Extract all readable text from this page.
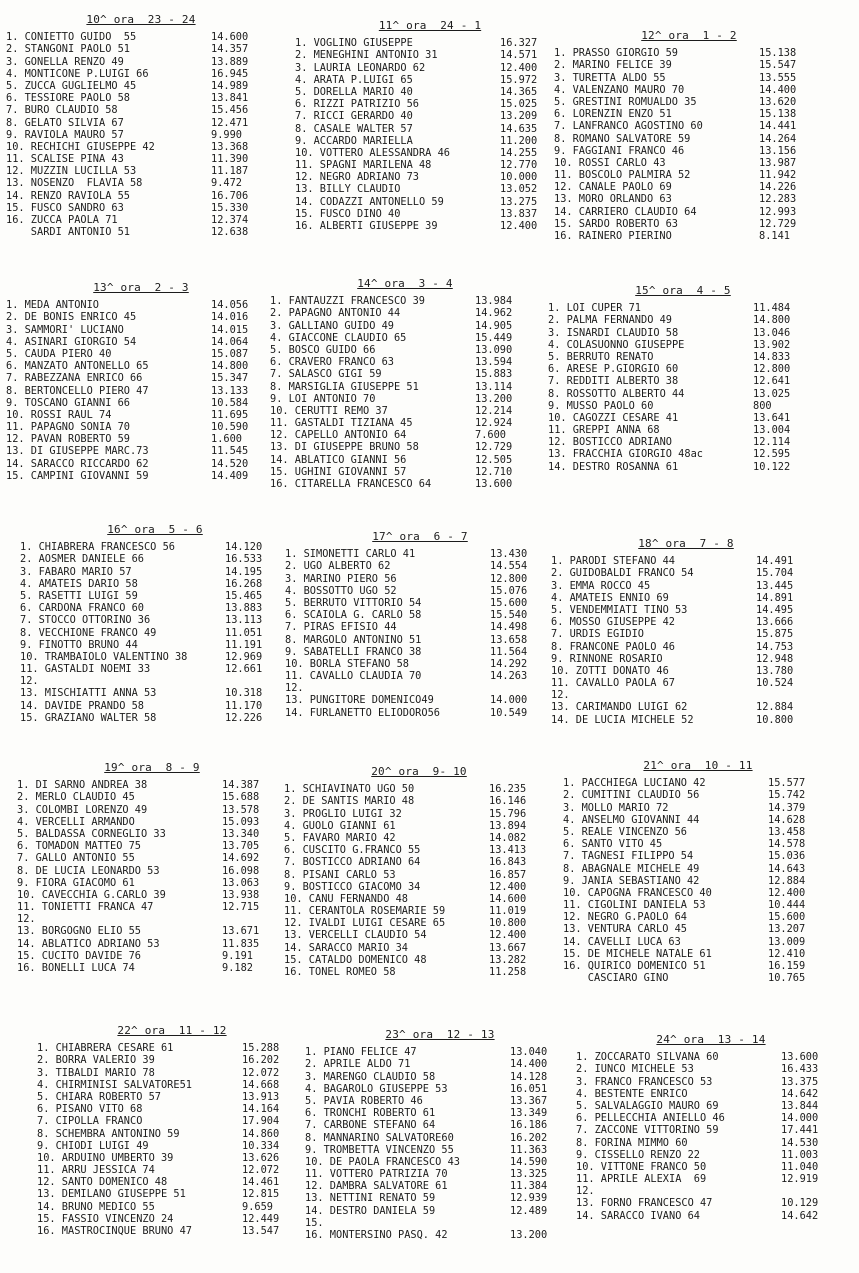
10^ ora  23 - 24
1. CONIETTO GUIDO  55	14.600
2. STANGONI PAOLO 51	14.357
3. GONELLA RENZO 49	13.889
4. MONTICONE P.LUIGI 66	16.945
5. ZUCCA GUGLIELMO 45	14.989
6. TESSIORE PAOLO 58	13.841
7. BURO CLAUDIO 58	15.456
8. GELATO SILVIA 67	12.471
9. RAVIOLA MAURO 57	9.990
10. RECHICHI GIUSEPPE 42	13.368
11. SCALISE PINA 43	11.390
12. MUZZIN LUCILLA 53	11.187
13. NOSENZO  FLAVIA 58	9.472
14. RENZO RAVIOLA 55	16.706
15. FUSCO SANDRO 63	15.330
16. ZUCCA PAOLA 71	12.374
SARDI ANTONIO 51	12.638
11^ ora  24 - 1
1. VOGLINO GIUSEPPE	16.327
2. MENEGHINI ANTONIO 31	14.571
3. LAURIA LEONARDO 62	12.400
4. ARATA P.LUIGI 65	15.972
5. DORELLA MARIO 40	14.365
6. RIZZI PATRIZIO 56	15.025
7. RICCI GERARDO 40	13.209
8. CASALE WALTER 57	14.635
9. ACCARDO MARIELLA	11.200
10. VOTTERO ALESSANDRA 46	14.255
11. SPAGNI MARILENA 48	12.770
12. NEGRO ADRIANO 73	10.000
13. BILLY CLAUDIO	13.052
14. CODAZZI ANTONELLO 59	13.275
15. FUSCO DINO 40	13.837
16. ALBERTI GIUSEPPE 39	12.400
12^ ora  1 - 2
1. PRASSO GIORGIO 59	15.138
2. MARINO FELICE 39	15.547
3. TURETTA ALDO 55	13.555
4. VALENZANO MAURO 70	14.400
5. GRESTINI ROMUALDO 35	13.620
6. LORENZIN ENZO 51	15.138
7. LANFRANCO AGOSTINO 60	14.441
8. ROMANO SALVATORE 59	14.264
9. FAGGIANI FRANCO 46	13.156
10. ROSSI CARLO 43	13.987
11. BOSCOLO PALMIRA 52	11.942
12. CANALE PAOLO 69	14.226
13. MORO ORLANDO 63	12.283
14. CARRIERO CLAUDIO 64	12.993
15. SARDO ROBERTO 63	12.729
16. RAINERO PIERINO	8.141
13^ ora  2 - 3
1. MEDA ANTONIO	14.056
2. DE BONIS ENRICO 45	14.016
3. SAMMORI' LUCIANO	14.015
4. ASINARI GIORGIO 54	14.064
5. CAUDA PIERO 40	15.087
6. MANZATO ANTONELLO 65	14.800
7. RABEZZANA ENRICO 66	15.347
8. BERTONCELLO PIERO 47	13.133
9. TOSCANO GIANNI 66	10.584
10. ROSSI RAUL 74	11.695
11. PAPAGNO SONIA 70	10.590
12. PAVAN ROBERTO 59	1.600
13. DI GIUSEPPE MARC.73	11.545
14. SARACCO RICCARDO 62	14.520
15. CAMPINI GIOVANNI 59	14.409
14^ ora  3 - 4
1. FANTAUZZI FRANCESCO 39	13.984
2. PAPAGNO ANTONIO 44	14.962
3. GALLIANO GUIDO 49	14.905
4. GIACCONE CLAUDIO 65	15.449
5. BOSCO GUIDO 66	13.090
6. CRAVERO FRANCO 63	13.594
7. SALASCO GIGI 59	15.883
8. MARSIGLIA GIUSEPPE 51	13.114
9. LOI ANTONIO 70	13.200
10. CERUTTI REMO 37	12.214
11. GASTALDI TIZIANA 45	12.924
12. CAPELLO ANTONIO 64	7.600
13. DI GIUSEPPE BRUNO 58	12.729
14. ABLATICO GIANNI 56	12.505
15. UGHINI GIOVANNI 57	12.710
16. CITARELLA FRANCESCO 64	13.600
15^ ora  4 - 5
1. LOI CUPER 71	11.484
2. PALMA FERNANDO 49	14.800
3. ISNARDI CLAUDIO 58	13.046
4. COLASUONNO GIUSEPPE	13.902
5. BERRUTO RENATO	14.833
6. ARESE P.GIORGIO 60	12.800
7. REDDITI ALBERTO 38	12.641
8. ROSSOTTO ALBERTO 44	13.025
9. MUSSO PAOLO 60	800
10. CAGOZZI CESARE 41	13.641
11. GREPPI ANNA 68	13.004
12. BOSTICCO ADRIANO	12.114
13. FRACCHIA GIORGIO 48ac	12.595
14. DESTRO ROSANNA 61	10.122
16^ ora  5 - 6
1. CHIABRERA FRANCESCO 56	14.120
2. AOSMER DANIELE 66	16.533
3. FABARO MARIO 57	14.195
4. AMATEIS DARIO 58	16.268
5. RASETTI LUIGI 59	15.465
6. CARDONA FRANCO 60	13.883
7. STOCCO OTTORINO 36	13.113
8. VECCHIONE FRANCO 49	11.051
9. FINOTTO BRUNO 44	11.191
10. TRAMBAIOLO VALENTINO 38	12.969
11. GASTALDI NOEMI 33	12.661
12.
13. MISCHIATTI ANNA 53	10.318
14. DAVIDE PRANDO 58	11.170
15. GRAZIANO WALTER 58	12.226
17^ ora  6 - 7
1. SIMONETTI CARLO 41	13.430
2. UGO ALBERTO 62	14.554
3. MARINO PIERO 56	12.800
4. BOSSOTTO UGO 52	15.076
5. BERRUTO VITTORIO 54	15.600
6. SCAIOLA G. CARLO 58	15.540
7. PIRAS EFISIO 44	14.498
8. MARGOLO ANTONINO 51	13.658
9. SABATELLI FRANCO 38	11.564
10. BORLA STEFANO 58	14.292
11. CAVALLO CLAUDIA 70	14.263
12.
13. PUNGITORE DOMENICO49	14.000
14. FURLANETTO ELIODORO56	10.549
18^ ora  7 - 8
1. PARODI STEFANO 44	14.491
2. GUIDOBALDI FRANCO 54	15.704
3. EMMA ROCCO 45	13.445
4. AMATEIS ENNIO 69	14.891
5. VENDEMMIATI TINO 53	14.495
6. MOSSO GIUSEPPE 42	13.666
7. URDIS EGIDIO	15.875
8. FRANCONE PAOLO 46	14.753
9. RINNONE ROSARIO	12.948
10. ZOTTI DONATO 46	13.780
11. CAVALLO PAOLA 67	10.524
12.
13. CARIMANDO LUIGI 62	12.884
14. DE LUCIA MICHELE 52	10.800
19^ ora  8 - 9
1. DI SARNO ANDREA 38	14.387
2. MERLO CLAUDIO 45	15.688
3. COLOMBI LORENZO 49	13.578
4. VERCELLI ARMANDO	15.093
5. BALDASSA CORNEGLIO 33	13.340
6. TOMADON MATTEO 75	13.705
7. GALLO ANTONIO 55	14.692
8. DE LUCIA LEONARDO 53	16.098
9. FIORA GIACOMO 61	13.063
10. CAVECCHIA G.CARLO 39	13.938
11. TONIETTI FRANCA 47	12.715
12.
13. BORGOGNO ELIO 55	13.671
14. ABLATICO ADRIANO 53	11.835
15. CUCITO DAVIDE 76	9.191
16. BONELLI LUCA 74	9.182
20^ ora  9- 10
1. SCHIAVINATO UGO 50	16.235
2. DE SANTIS MARIO 48	16.146
3. PROGLIO LUIGI 32	15.796
4. GUOLO GIANNI 61	13.894
5. FAVARO MARIO 42	14.082
6. CUSCITO G.FRANCO 55	13.413
7. BOSTICCO ADRIANO 64	16.843
8. PISANI CARLO 53	16.857
9. BOSTICCO GIACOMO 34	12.400
10. CANU FERNANDO 48	14.600
11. CERANTOLA ROSEMARIE 59	11.019
12. IVALDI LUIGI CESARE 65	10.800
13. VERCELLI CLAUDIO 54	12.400
14. SARACCO MARIO 34	13.667
15. CATALDO DOMENICO 48	13.282
16. TONEL ROMEO 58	11.258
21^ ora  10 - 11
1. PACCHIEGA LUCIANO 42	15.577
2. CUMITINI CLAUDIO 56	15.742
3. MOLLO MARIO 72	14.379
4. ANSELMO GIOVANNI 44	14.628
5. REALE VINCENZO 56	13.458
6. SANTO VITO 45	14.578
7. TAGNESI FILIPPO 54	15.036
8. ABAGNALE MICHELE 49	14.643
9. JANIA SEBASTIANO 42	12.884
10. CAPOGNA FRANCESCO 40	12.400
11. CIGOLINI DANIELA 53	10.444
12. NEGRO G.PAOLO 64	15.600
13. VENTURA CARLO 45	13.207
14. CAVELLI LUCA 63	13.009
15. DE MICHELE NATALE 61	12.410
16. QUIRICO DOMENICO 51	16.159
CASCIARO GINO	10.765
22^ ora  11 - 12
1. CHIABRERA CESARE 61	15.288
2. BORRA VALERIO 39	16.202
3. TIBALDI MARIO 78	12.072
4. CHIRMINISI SALVATORE51	14.668
5. CHIARA ROBERTO 57	13.913
6. PISANO VITO 68	14.164
7. CIPOLLA FRANCO	17.904
8. SCHEMBRA ANTONINO 59	14.860
9. CHIODI LUIGI 49	10.334
10. ARDUINO UMBERTO 39	13.626
11. ARRU JESSICA 74	12.072
12. SANTO DOMENICO 48	14.461
13. DEMILANO GIUSEPPE 51	12.815
14. BRUNO MEDICO 55	9.659
15. FASSIO VINCENZO 24	12.449
16. MASTROCINQUE BRUNO 47	13.547
23^ ora  12 - 13
1. PIANO FELICE 47	13.040
2. APRILE ALDO 71	14.400
3. MARENGO CLAUDIO 58	14.128
4. BAGAROLO GIUSEPPE 53	16.051
5. PAVIA ROBERTO 46	13.367
6. TRONCHI ROBERTO 61	13.349
7. CARBONE STEFANO 64	16.186
8. MANNARINO SALVATORE60	16.202
9. TROMBETTA VINCENZO 55	11.363
10. DE PAOLA FRANCESCO 43	14.590
11. VOTTERO PATRIZIA 70	13.325
12. DAMBRA SALVATORE 61	11.384
13. NETTINI RENATO 59	12.939
14. DESTRO DANIELA 59	12.489
15.
16. MONTERSINO PASQ. 42	13.200
24^ ora  13 - 14
1. ZOCCARATO SILVANA 60	13.600
2. IUNCO MICHELE 53	16.433
3. FRANCO FRANCESCO 53	13.375
4. BESTENTE ENRICO	14.642
5. SALVALAGGIO MAURO 69	13.844
6. PELLECCHIA ANIELLO 46	14.000
7. ZACCONE VITTORINO 59	17.441
8. FORINA MIMMO 60	14.530
9. CISSELLO RENZO 22	11.003
10. VITTONE FRANCO 50	11.040
11. APRILE ALEXIA  69	12.919
12.
13. FORNO FRANCESCO 47	10.129
14. SARACCO IVANO 64	14.642
